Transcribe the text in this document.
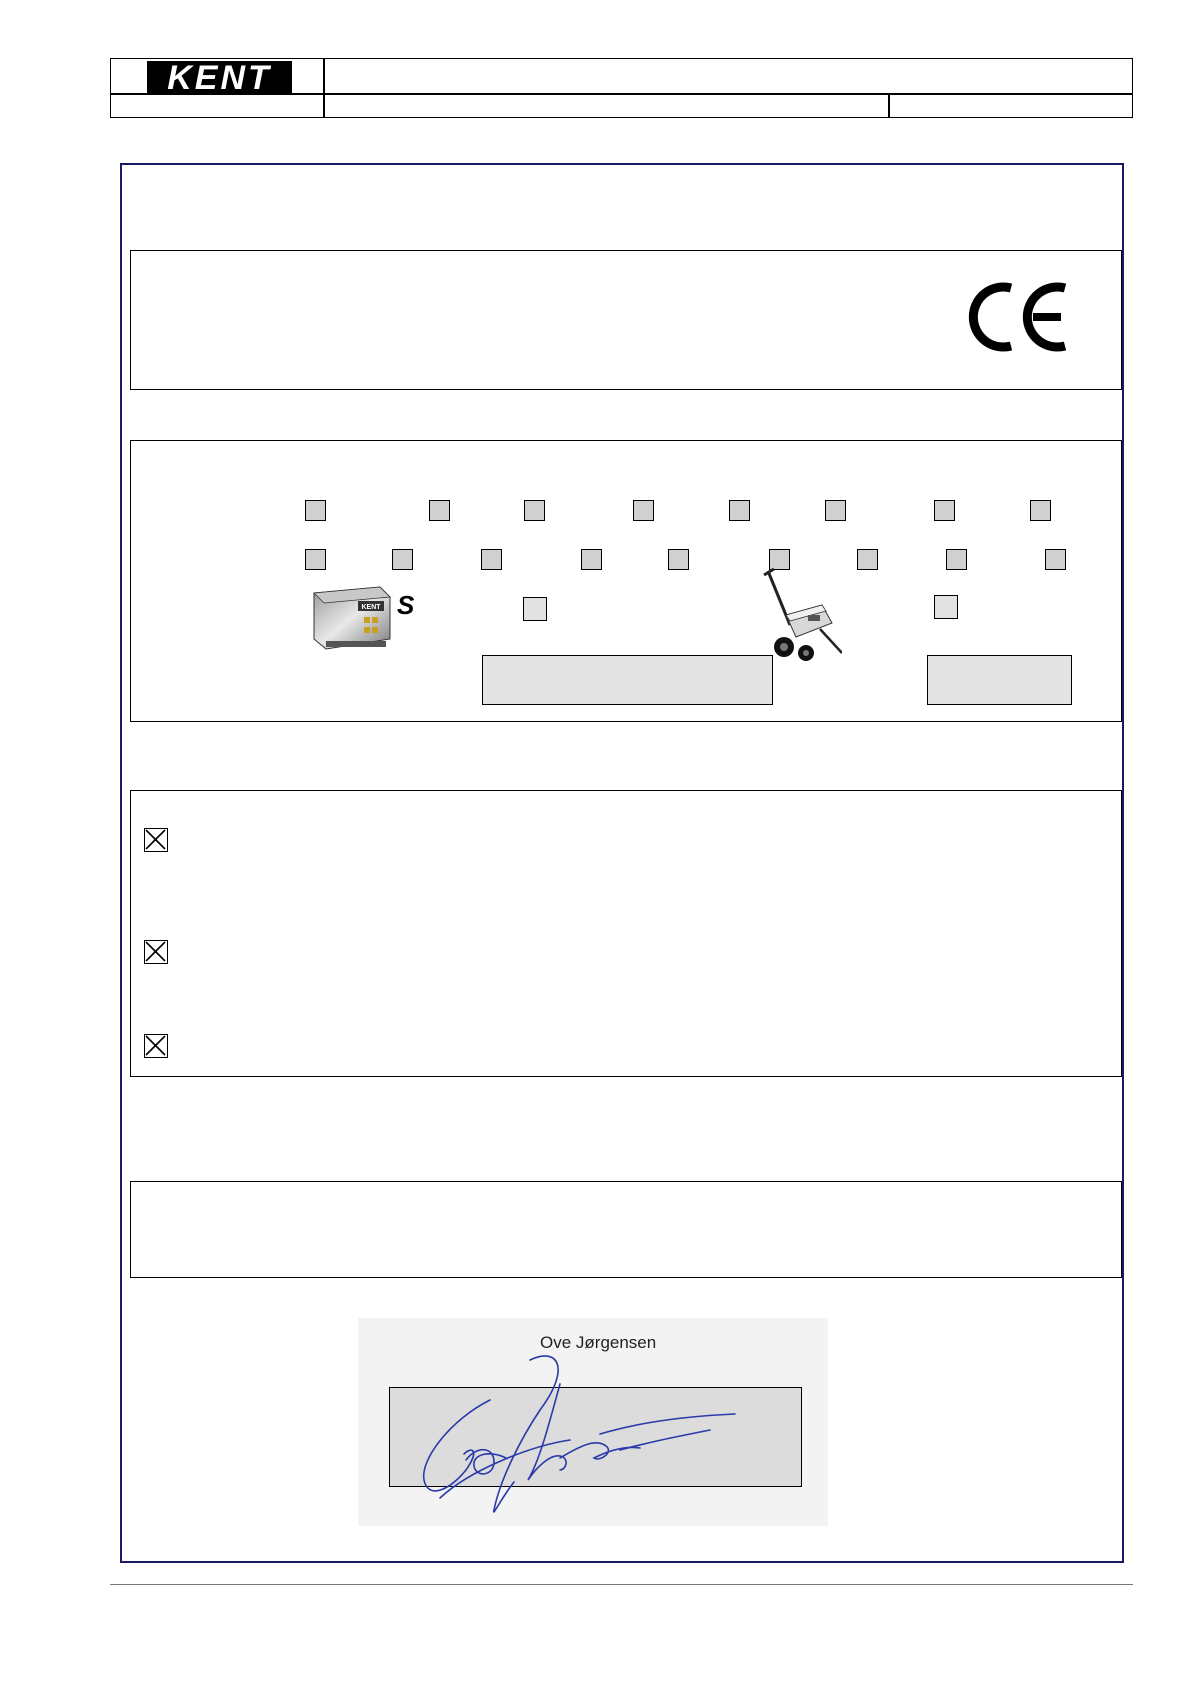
KENT
KENT S
Ove Jørgensen
